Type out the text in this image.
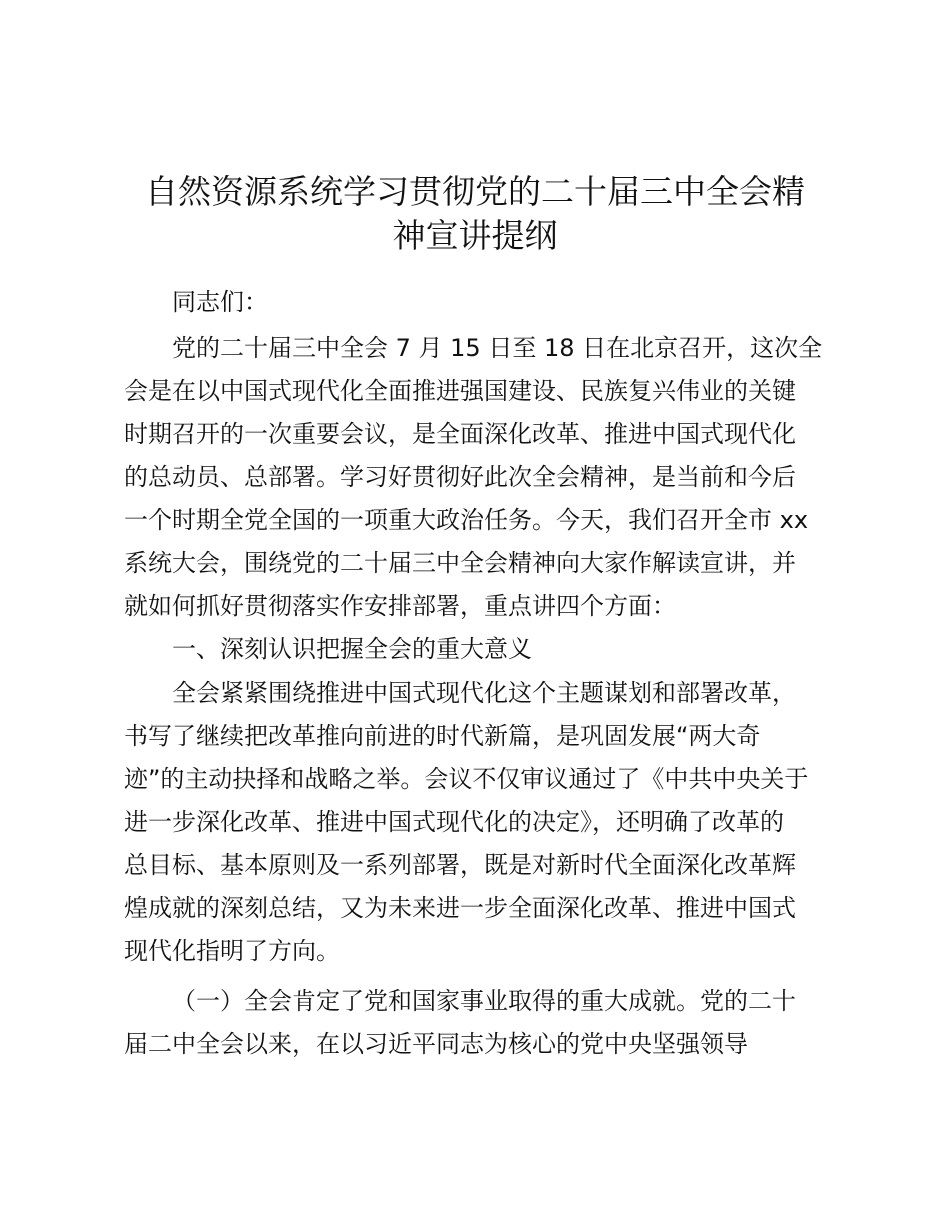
自然资源系统学习贯彻党的二十届三中全会精
神宣讲提纲
同志们：
党的二十届三中全会 7 月 15 日至 18 日在北京召开，这次全
会是在以中国式现代化全面推进强国建设、民族复兴伟业的关键
时期召开的一次重要会议，是全面深化改革、推进中国式现代化
的总动员、总部署。学习好贯彻好此次全会精神，是当前和今后
一个时期全党全国的一项重大政治任务。今天，我们召开全市 xx
系统大会，围绕党的二十届三中全会精神向大家作解读宣讲，并
就如何抓好贯彻落实作安排部署，重点讲四个方面：
一、深刻认识把握全会的重大意义
全会紧紧围绕推进中国式现代化这个主题谋划和部署改革，
书写了继续把改革推向前进的时代新篇，是巩固发展“两大奇
迹”的主动抉择和战略之举。会议不仅审议通过了《中共中央关于
进一步深化改革、推进中国式现代化的决定》，还明确了改革的
总目标、基本原则及一系列部署，既是对新时代全面深化改革辉
煌成就的深刻总结，又为未来进一步全面深化改革、推进中国式
现代化指明了方向。
（一）全会肯定了党和国家事业取得的重大成就。党的二十
届二中全会以来，在以习近平同志为核心的党中央坚强领导
